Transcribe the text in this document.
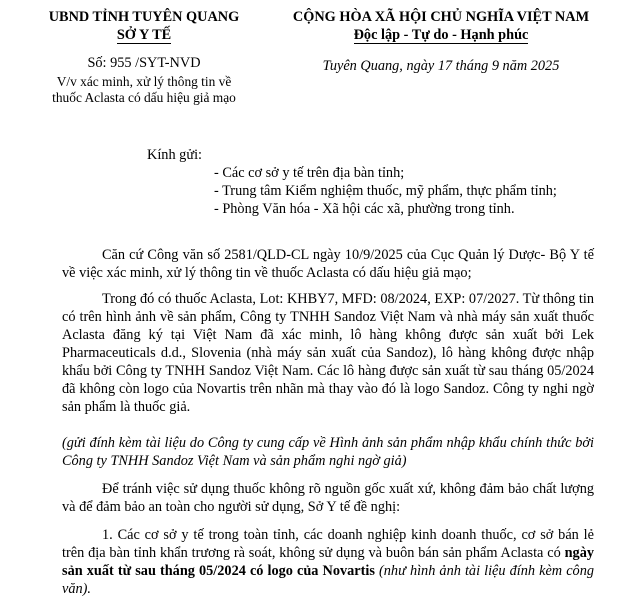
UBND TỈNH TUYÊN QUANG
SỞ Y TẾ
Số: 955 /SYT-NVD
V/v xác minh, xử lý thông tin về
thuốc Aclasta có dấu hiệu giả mạo
CỘNG HÒA XÃ HỘI CHỦ NGHĨA VIỆT NAM
Độc lập - Tự do - Hạnh phúc
Tuyên Quang, ngày 17 tháng 9 năm 2025
Kính gửi:
- Các cơ sở y tế trên địa bàn tỉnh;
- Trung tâm Kiểm nghiệm thuốc, mỹ phẩm, thực phẩm tỉnh;
- Phòng Văn hóa - Xã hội các xã, phường trong tỉnh.
Căn cứ Công văn số 2581/QLD-CL ngày 10/9/2025 của Cục Quản lý Dược- Bộ Y tế về việc xác minh, xử lý thông tin về thuốc Aclasta có dấu hiệu giả mạo;
Trong đó có thuốc Aclasta, Lot: KHBY7, MFD: 08/2024, EXP: 07/2027. Từ thông tin có trên hình ảnh về sản phẩm, Công ty TNHH Sandoz Việt Nam và nhà máy sản xuất thuốc Aclasta đăng ký tại Việt Nam đã xác minh, lô hàng không được sản xuất bởi Lek Pharmaceuticals d.d., Slovenia (nhà máy sản xuất của Sandoz), lô hàng không được nhập khẩu bởi Công ty TNHH Sandoz Việt Nam. Các lô hàng được sản xuất từ sau tháng 05/2024 đã không còn logo của Novartis trên nhãn mà thay vào đó là logo Sandoz. Công ty nghi ngờ sản phẩm là thuốc giả.
(gửi đính kèm tài liệu do Công ty cung cấp về Hình ảnh sản phẩm nhập khẩu chính thức bởi Công ty TNHH Sandoz Việt Nam và sản phẩm nghi ngờ giả)
Để tránh việc sử dụng thuốc không rõ nguồn gốc xuất xứ, không đảm bảo chất lượng và để đảm bảo an toàn cho người sử dụng, Sở Y tế đề nghị:
1. Các cơ sở y tế trong toàn tỉnh, các doanh nghiệp kinh doanh thuốc, cơ sở bán lẻ trên địa bàn tỉnh khẩn trương rà soát, không sử dụng và buôn bán sản phẩm Aclasta có ngày sản xuất từ sau tháng 05/2024 có logo của Novartis (như hình ảnh tài liệu đính kèm công văn).
